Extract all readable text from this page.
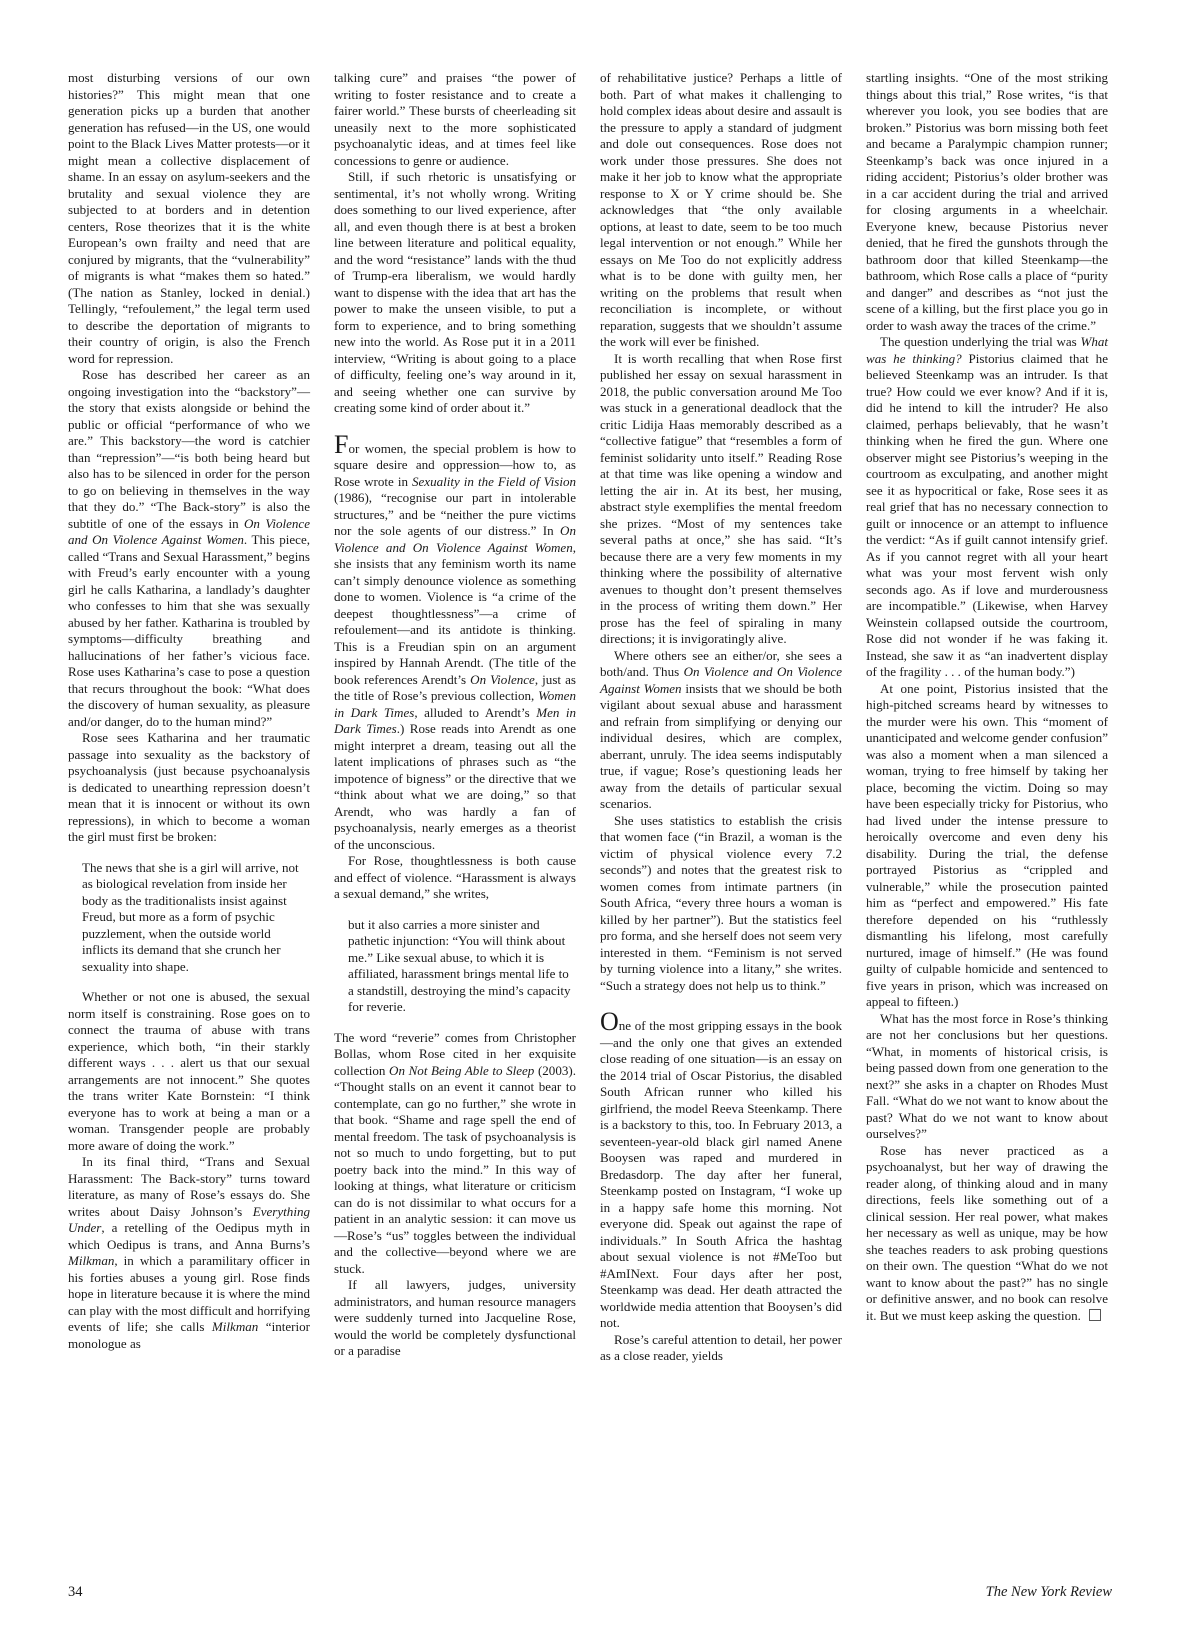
most disturbing versions of our own histories?” This might mean that one generation picks up a burden that another generation has refused—in the US, one would point to the Black Lives Matter protests—or it might mean a collective displacement of shame. In an essay on asylum-seekers and the brutality and sexual violence they are subjected to at borders and in detention centers, Rose theorizes that it is the white European’s own frailty and need that are conjured by migrants, that the “vulnerability” of migrants is what “makes them so hated.” (The nation as Stanley, locked in denial.) Tellingly, “refoulement,” the legal term used to describe the deportation of migrants to their country of origin, is also the French word for repression.

Rose has described her career as an ongoing investigation into the “backstory”—the story that exists alongside or behind the public or official “performance of who we are.” This backstory—the word is catchier than “repression”—“is both being heard but also has to be silenced in order for the person to go on believing in themselves in the way that they do.” “The Back-story” is also the subtitle of one of the essays in On Violence and On Violence Against Women. This piece, called “Trans and Sexual Harassment,” begins with Freud’s early encounter with a young girl he calls Katharina, a landlady’s daughter who confesses to him that she was sexually abused by her father. Katharina is troubled by symptoms—difficulty breathing and hallucinations of her father’s vicious face. Rose uses Katharina’s case to pose a question that recurs throughout the book: “What does the discovery of human sexuality, as pleasure and/or danger, do to the human mind?”

Rose sees Katharina and her traumatic passage into sexuality as the backstory of psychoanalysis (just because psychoanalysis is dedicated to unearthing repression doesn’t mean that it is innocent or without its own repressions), in which to become a woman the girl must first be broken:

The news that she is a girl will arrive, not as biological revelation from inside her body as the traditionalists insist against Freud, but more as a form of psychic puzzlement, when the outside world inflicts its demand that she crunch her sexuality into shape.

Whether or not one is abused, the sexual norm itself is constraining. Rose goes on to connect the trauma of abuse with trans experience, which both, “in their starkly different ways . . . alert us that our sexual arrangements are not innocent.” She quotes the trans writer Kate Bornstein: “I think everyone has to work at being a man or a woman. Transgender people are probably more aware of doing the work.”

In its final third, “Trans and Sexual Harassment: The Back-story” turns toward literature, as many of Rose’s essays do. She writes about Daisy Johnson’s Everything Under, a retelling of the Oedipus myth in which Oedipus is trans, and Anna Burns’s Milkman, in which a paramilitary officer in his forties abuses a young girl. Rose finds hope in literature because it is where the mind can play with the most difficult and horrifying events of life; she calls Milkman “interior monologue as

talking cure” and praises “the power of writing to foster resistance and to create a fairer world.” These bursts of cheerleading sit uneasily next to the more sophisticated psychoanalytic ideas, and at times feel like concessions to genre or audience.

Still, if such rhetoric is unsatisfying or sentimental, it’s not wholly wrong. Writing does something to our lived experience, after all, and even though there is at best a broken line between literature and political equality, and the word “resistance” lands with the thud of Trump-era liberalism, we would hardly want to dispense with the idea that art has the power to make the unseen visible, to put a form to experience, and to bring something new into the world. As Rose put it in a 2011 interview, “Writing is about going to a place of difficulty, feeling one’s way around in it, and seeing whether one can survive by creating some kind of order about it.”

For women, the special problem is how to square desire and oppression—how to, as Rose wrote in Sexuality in the Field of Vision (1986), “recognise our part in intolerable structures,” and be “neither the pure victims nor the sole agents of our distress.” In On Violence and On Violence Against Women, she insists that any feminism worth its name can’t simply denounce violence as something done to women. Violence is “a crime of the deepest thoughtlessness”—a crime of refoulement—and its antidote is thinking. This is a Freudian spin on an argument inspired by Hannah Arendt. (The title of the book references Arendt’s On Violence, just as the title of Rose’s previous collection, Women in Dark Times, alluded to Arendt’s Men in Dark Times.) Rose reads into Arendt as one might interpret a dream, teasing out all the latent implications of phrases such as “the impotence of bigness” or the directive that we “think about what we are doing,” so that Arendt, who was hardly a fan of psychoanalysis, nearly emerges as a theorist of the unconscious.

For Rose, thoughtlessness is both cause and effect of violence. “Harassment is always a sexual demand,” she writes,

but it also carries a more sinister and pathetic injunction: “You will think about me.” Like sexual abuse, to which it is affiliated, harassment brings mental life to a standstill, destroying the mind’s capacity for reverie.

The word “reverie” comes from Christopher Bollas, whom Rose cited in her exquisite collection On Not Being Able to Sleep (2003). “Thought stalls on an event it cannot bear to contemplate, can go no further,” she wrote in that book. “Shame and rage spell the end of mental freedom. The task of psychoanalysis is not so much to undo forgetting, but to put poetry back into the mind.” In this way of looking at things, what literature or criticism can do is not dissimilar to what occurs for a patient in an analytic session: it can move us—Rose’s “us” toggles between the individual and the collective—beyond where we are stuck.

If all lawyers, judges, university administrators, and human resource managers were suddenly turned into Jacqueline Rose, would the world be completely dysfunctional or a paradise

of rehabilitative justice? Perhaps a little of both. Part of what makes it challenging to hold complex ideas about desire and assault is the pressure to apply a standard of judgment and dole out consequences. Rose does not work under those pressures. She does not make it her job to know what the appropriate response to X or Y crime should be. She acknowledges that “the only available options, at least to date, seem to be too much legal intervention or not enough.” While her essays on Me Too do not explicitly address what is to be done with guilty men, her writing on the problems that result when reconciliation is incomplete, or without reparation, suggests that we shouldn’t assume the work will ever be finished.

It is worth recalling that when Rose first published her essay on sexual harassment in 2018, the public conversation around Me Too was stuck in a generational deadlock that the critic Lidija Haas memorably described as a “collective fatigue” that “resembles a form of feminist solidarity unto itself.” Reading Rose at that time was like opening a window and letting the air in. At its best, her musing, abstract style exemplifies the mental freedom she prizes. “Most of my sentences take several paths at once,” she has said. “It’s because there are a very few moments in my thinking where the possibility of alternative avenues to thought don’t present themselves in the process of writing them down.” Her prose has the feel of spiraling in many directions; it is invigoratingly alive.

Where others see an either/or, she sees a both/and. Thus On Violence and On Violence Against Women insists that we should be both vigilant about sexual abuse and harassment and refrain from simplifying or denying our individual desires, which are complex, aberrant, unruly. The idea seems indisputably true, if vague; Rose’s questioning leads her away from the details of particular sexual scenarios.

She uses statistics to establish the crisis that women face (“in Brazil, a woman is the victim of physical violence every 7.2 seconds”) and notes that the greatest risk to women comes from intimate partners (in South Africa, “every three hours a woman is killed by her partner”). But the statistics feel pro forma, and she herself does not seem very interested in them. “Feminism is not served by turning violence into a litany,” she writes. “Such a strategy does not help us to think.”

One of the most gripping essays in the book—and the only one that gives an extended close reading of one situation—is an essay on the 2014 trial of Oscar Pistorius, the disabled South African runner who killed his girlfriend, the model Reeva Steenkamp. There is a backstory to this, too. In February 2013, a seventeen-year-old black girl named Anene Booysen was raped and murdered in Bredasdorp. The day after her funeral, Steenkamp posted on Instagram, “I woke up in a happy safe home this morning. Not everyone did. Speak out against the rape of individuals.” In South Africa the hashtag about sexual violence is not #MeToo but #AmINext. Four days after her post, Steenkamp was dead. Her death attracted the worldwide media attention that Booysen’s did not.

Rose’s careful attention to detail, her power as a close reader, yields

startling insights. “One of the most striking things about this trial,” Rose writes, “is that wherever you look, you see bodies that are broken.” Pistorius was born missing both feet and became a Paralympic champion runner; Steenkamp’s back was once injured in a riding accident; Pistorius’s older brother was in a car accident during the trial and arrived for closing arguments in a wheelchair. Everyone knew, because Pistorius never denied, that he fired the gunshots through the bathroom door that killed Steenkamp—the bathroom, which Rose calls a place of “purity and danger” and describes as “not just the scene of a killing, but the first place you go in order to wash away the traces of the crime.”

The question underlying the trial was What was he thinking? Pistorius claimed that he believed Steenkamp was an intruder. Is that true? How could we ever know? And if it is, did he intend to kill the intruder? He also claimed, perhaps believably, that he wasn’t thinking when he fired the gun. Where one observer might see Pistorius’s weeping in the courtroom as exculpating, and another might see it as hypocritical or fake, Rose sees it as real grief that has no necessary connection to guilt or innocence or an attempt to influence the verdict: “As if guilt cannot intensify grief. As if you cannot regret with all your heart what was your most fervent wish only seconds ago. As if love and murderousness are incompatible.” (Likewise, when Harvey Weinstein collapsed outside the courtroom, Rose did not wonder if he was faking it. Instead, she saw it as “an inadvertent display of the fragility . . . of the human body.”)

At one point, Pistorius insisted that the high-pitched screams heard by witnesses to the murder were his own. This “moment of unanticipated and welcome gender confusion” was also a moment when a man silenced a woman, trying to free himself by taking her place, becoming the victim. Doing so may have been especially tricky for Pistorius, who had lived under the intense pressure to heroically overcome and even deny his disability. During the trial, the defense portrayed Pistorius as “crippled and vulnerable,” while the prosecution painted him as “perfect and empowered.” His fate therefore depended on his “ruthlessly dismantling his lifelong, most carefully nurtured, image of himself.” (He was found guilty of culpable homicide and sentenced to five years in prison, which was increased on appeal to fifteen.)

What has the most force in Rose’s thinking are not her conclusions but her questions. “What, in moments of historical crisis, is being passed down from one generation to the next?” she asks in a chapter on Rhodes Must Fall. “What do we not want to know about the past? What do we not want to know about ourselves?”

Rose has never practiced as a psychoanalyst, but her way of drawing the reader along, of thinking aloud and in many directions, feels like something out of a clinical session. Her real power, what makes her necessary as well as unique, may be how she teaches readers to ask probing questions on their own. The question “What do we not want to know about the past?” has no single or definitive answer, and no book can resolve it. But we must keep asking the question.

34	The New York Review
